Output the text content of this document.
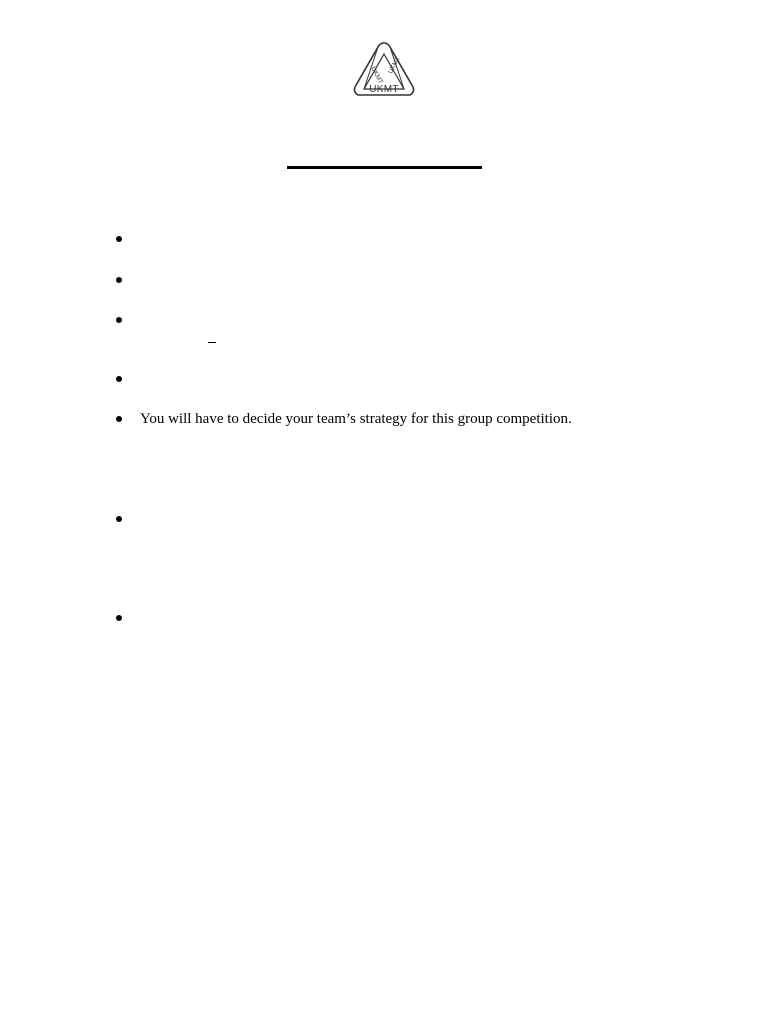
UKMT
UKMT
UKMT
You will have to decide your team’s strategy for this group competition.
